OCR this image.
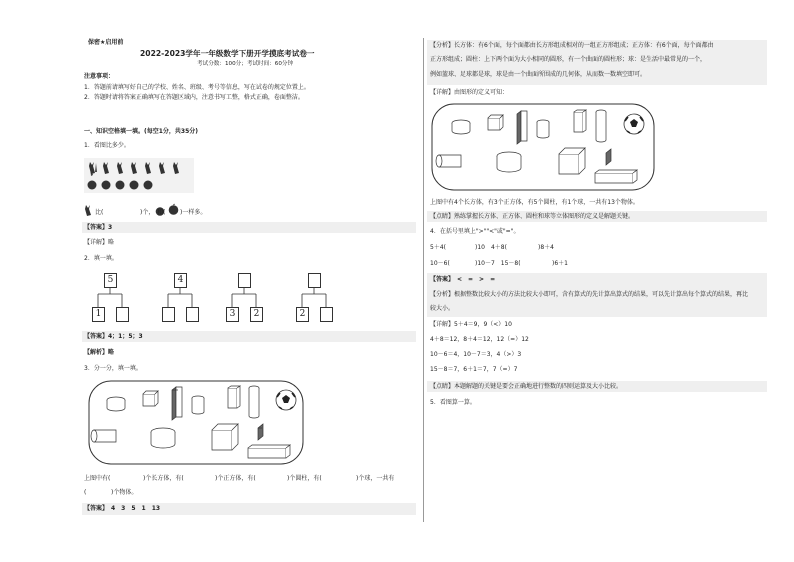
保密★启用前
2022-2023学年一年级数学下册开学摸底考试卷一
考试分数：100分；考试时间：60分钟
注意事项：
1．答题前请填写好自己的学校、姓名、班级、考号等信息，写在试卷的规定位置上。
2．答题时请将答案正确填写在答题区域内，注意书写工整，格式正确，卷面整洁。
一、知识空格填一填。(每空1分，共35分)
1．看图比多少。
比(	)个， 和( )一样多。
【答案】3
【详解】略
2．填一填。
5	4
1	3	2	2
【答案】4；1；5；3
【解析】略
3．分一分，填一填。
上图中有(	)个长方体，有(	)个正方体，有(	)个圆柱，有(	)个球，一共有
(	)个物体。
【答案】　4　3　5　1　13
【分析】长方体：有6个面，每个面都由长方形组成相对的一组正方形组成；正方体：有6个面，每个面都由
正方形组成；圆柱：上下两个面为大小相同的圆形，有一个曲面的圆柱形；球：是生活中最常见的一个，
例如篮球、足球都是球，球是由一个曲面所围成的几何体，从而数一数填空即可。
【详解】由图形的定义可知：
上图中有4个长方体，有3个正方体，有5个圆柱，有1个球，一共有13个物体。
【点睛】熟练掌握长方体、正方体、圆柱和球等立体图形的定义是解题关键。
4．在括号里填上">""<"或"="。
5＋4(	)10　4＋8(	)8＋4
10－6(	)10－7　15－8(	)6＋1
【答案】　<　=　>　=
【分析】根据整数比较大小的方法比较大小即可，含有算式的先计算出算式的结果，可以先计算出每个算式的结果，再比
较大小。
【详解】5＋4＝9，9（<）10
4＋8＝12，8＋4＝12，12（=）12
10－6＝4，10－7＝3，4（>）3
15－8＝7，6＋1＝7，7（=）7
【点睛】本题解题的关键是要会正确地进行整数的四则运算及大小比较。
5．看图算一算。
